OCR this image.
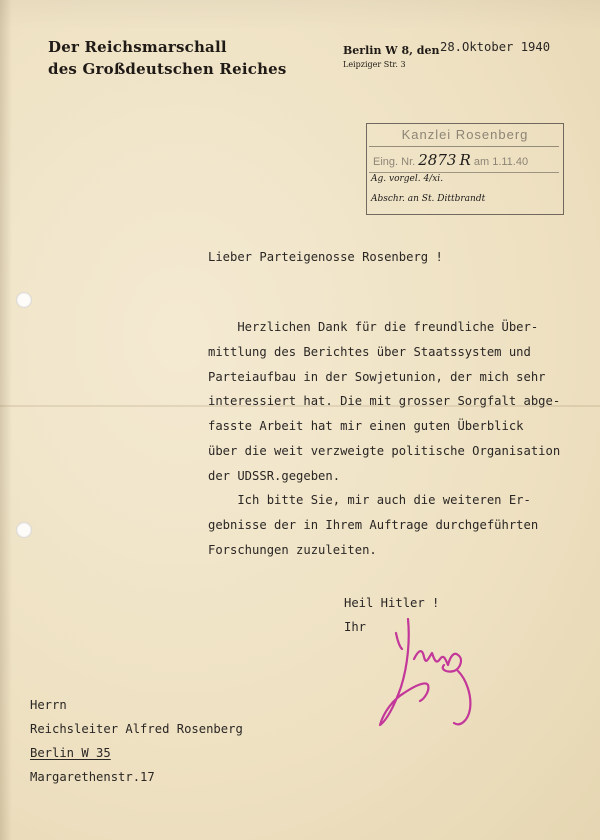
Der Reichsmarschall
des Großdeutschen Reiches
Berlin W 8, den
Leipziger Str. 3
28.Oktober 1940
Kanzlei Rosenberg
Eing. Nr. 2873 R am 1.11.40
Ag. vorgel. 4/xi.
Abschr. an St. Dittbrandt
Lieber Parteigenosse Rosenberg !
Herzlichen Dank für die freundliche Über-
mittlung des Berichtes über Staatssystem und
Parteiaufbau in der Sowjetunion, der mich sehr
interessiert hat. Die mit grosser Sorgfalt abge-
fasste Arbeit hat mir einen guten Überblick
über die weit verzweigte politische Organisation
der UDSSR.gegeben.
Ich bitte Sie, mir auch die weiteren Er-
gebnisse der in Ihrem Auftrage durchgeführten
Forschungen zuzuleiten.
Heil Hitler !
Ihr
Herrn
Reichsleiter Alfred Rosenberg
Berlin W 35
Margarethenstr.17
